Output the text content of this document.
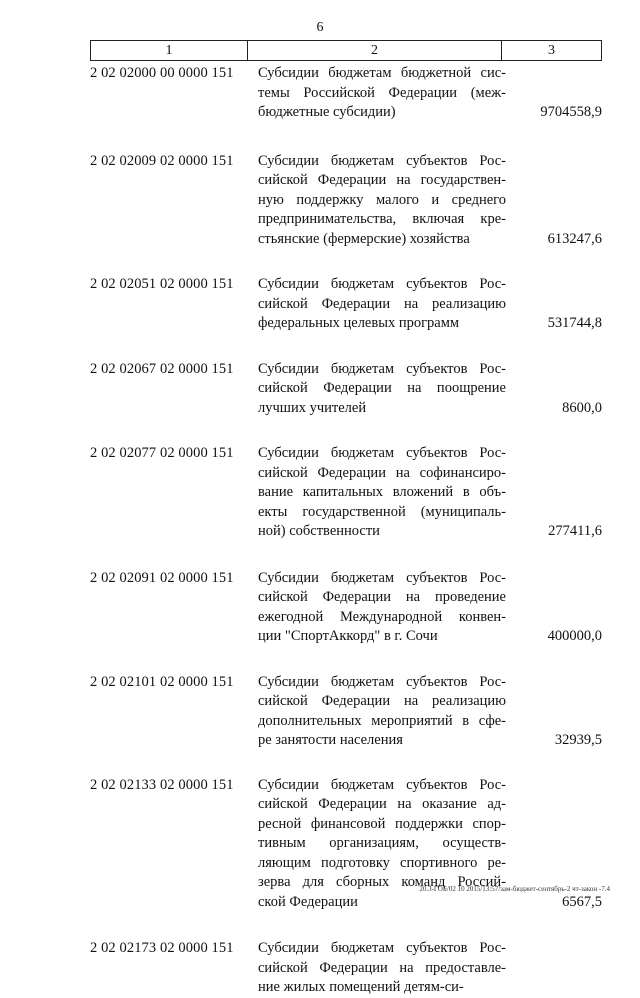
6
1	2	3
2 02 02000 00 0000 151 Субсидии бюджетам бюджетной сис-
темы Российской Федерации (меж-
бюджетные субсидии)	9704558,9
2 02 02009 02 0000 151 Субсидии бюджетам субъектов Рос-
сийской Федерации на государствен-
ную поддержку малого и среднего
предпринимательства, включая кре-
стьянские (фермерские) хозяйства	613247,6
2 02 02051 02 0000 151 Субсидии бюджетам субъектов Рос-
сийской Федерации на реализацию
федеральных целевых программ	531744,8
2 02 02067 02 0000 151 Субсидии бюджетам субъектов Рос-
сийской Федерации на поощрение
лучших учителей	8600,0
2 02 02077 02 0000 151 Субсидии бюджетам субъектов Рос-
сийской Федерации на софинансиро-
вание капитальных вложений в объ-
екты государственной (муниципаль-
ной) собственности	277411,6
2 02 02091 02 0000 151 Субсидии бюджетам субъектов Рос-
сийской Федерации на проведение
ежегодной Международной конвен-
ции "СпортАккорд" в г. Сочи	400000,0
2 02 02101 02 0000 151 Субсидии бюджетам субъектов Рос-
сийской Федерации на реализацию
дополнительных мероприятий в сфе-
ре занятости населения	32939,5
2 02 02133 02 0000 151 Субсидии бюджетам субъектов Рос-
сийской Федерации на оказание ад-
ресной финансовой поддержки спор-
тивным организациям, осуществ-
ляющим подготовку спортивного ре-
зерва для сборных команд Россий-
ской Федерации	6567,5
2 02 02173 02 0000 151 Субсидии бюджетам субъектов Рос-
сийской Федерации на предоставле-
ние жилых помещений детям-си-
20.3-ГОБ/02 10 2015/13:57/зам-бюджет-сентябрь-2 чт-закон -7.4
